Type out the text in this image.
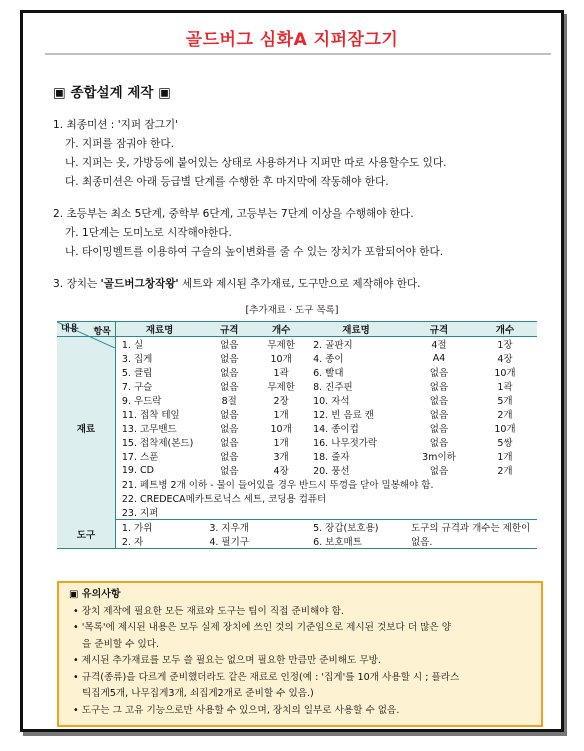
골드버그 심화A 지퍼잠그기
▣ 종합설계 제작 ▣
1. 최종미션 : '지퍼 잠그기'
가. 지퍼를 잠궈야 한다.
나. 지퍼는 옷, 가방등에 붙어있는 상태로 사용하거나 지퍼만 따로 사용할수도 있다.
다. 최종미션은 아래 등급별 단계를 수행한 후 마지막에 작동해야 한다.
2. 초등부는 최소 5단계, 중학부 6단계, 고등부는 7단계 이상을 수행해야 한다.
가. 1단계는 도미노로 시작해야한다.
나. 타이밍벨트를 이용하여 구슬의 높이변화를 줄 수 있는 장치가 포함되어야 한다.
3. 장치는 '골드버그창작왕' 세트와 제시된 추가재료, 도구만으로 제작해야 한다.
[추가재료 · 도구 목록]
항목
내용	재료명	규격	개수	재료명	규격	개수
재료	1. 실	없음	무제한	2. 골판지	4절	1장
	3. 집게	없음	10개	4. 종이	A4	4장
	5. 클립	없음	1곽	6. 빨대	없음	10개
	7. 구슬	없음	무제한	8. 진주핀	없음	1곽
	9. 우드락	8절	2장	10. 자석	없음	5개
	11. 접착 테잎	없음	1개	12. 빈 음료 캔	없음	2개
	13. 고무밴드	없음	10개	14. 종이컵	없음	10개
	15. 접착제(본드)	없음	1개	16. 나무젓가락	없음	5쌍
	17. 스푼	없음	3개	18. 줄자	3m이하	1개
	19. CD	없음	4장	20. 풍선	없음	2개
	21. 페트병 2개 이하 - 물이 들어있을 경우 반드시 뚜껑을 닫아 밀봉해야 함.					
	22. CREDECA메카트로닉스 세트, 코딩용 컴퓨터					
	23. 지퍼					
도구	1. 가위	3. 지우개		5. 장갑(보호용)	도구의 규격과 개수는 제한이	
	2. 자	4. 필기구		6. 보호매트	없음.	
▣ 유의사항
• 장치 제작에 필요한 모든 재료와 도구는 팀이 직접 준비해야 함.
• '목록'에 제시된 내용은 모두 실제 장치에 쓰인 것의 기준임으로 제시된 것보다 더 많은 양
을 준비할 수 있다.
• 제시된 추가재료를 모두 쓸 필요는 없으며 필요한 만큼만 준비해도 무방.
• 규격(종류)을 다르게 준비했더라도 같은 재료로 인정(예 : '집게'를 10개 사용할 시 ; 플라스
틱집게5개, 나무집게3개, 쇠집게2개로 준비할 수 있음.)
• 도구는 그 고유 기능으로만 사용할 수 있으며, 장치의 일부로 사용할 수 없음.
